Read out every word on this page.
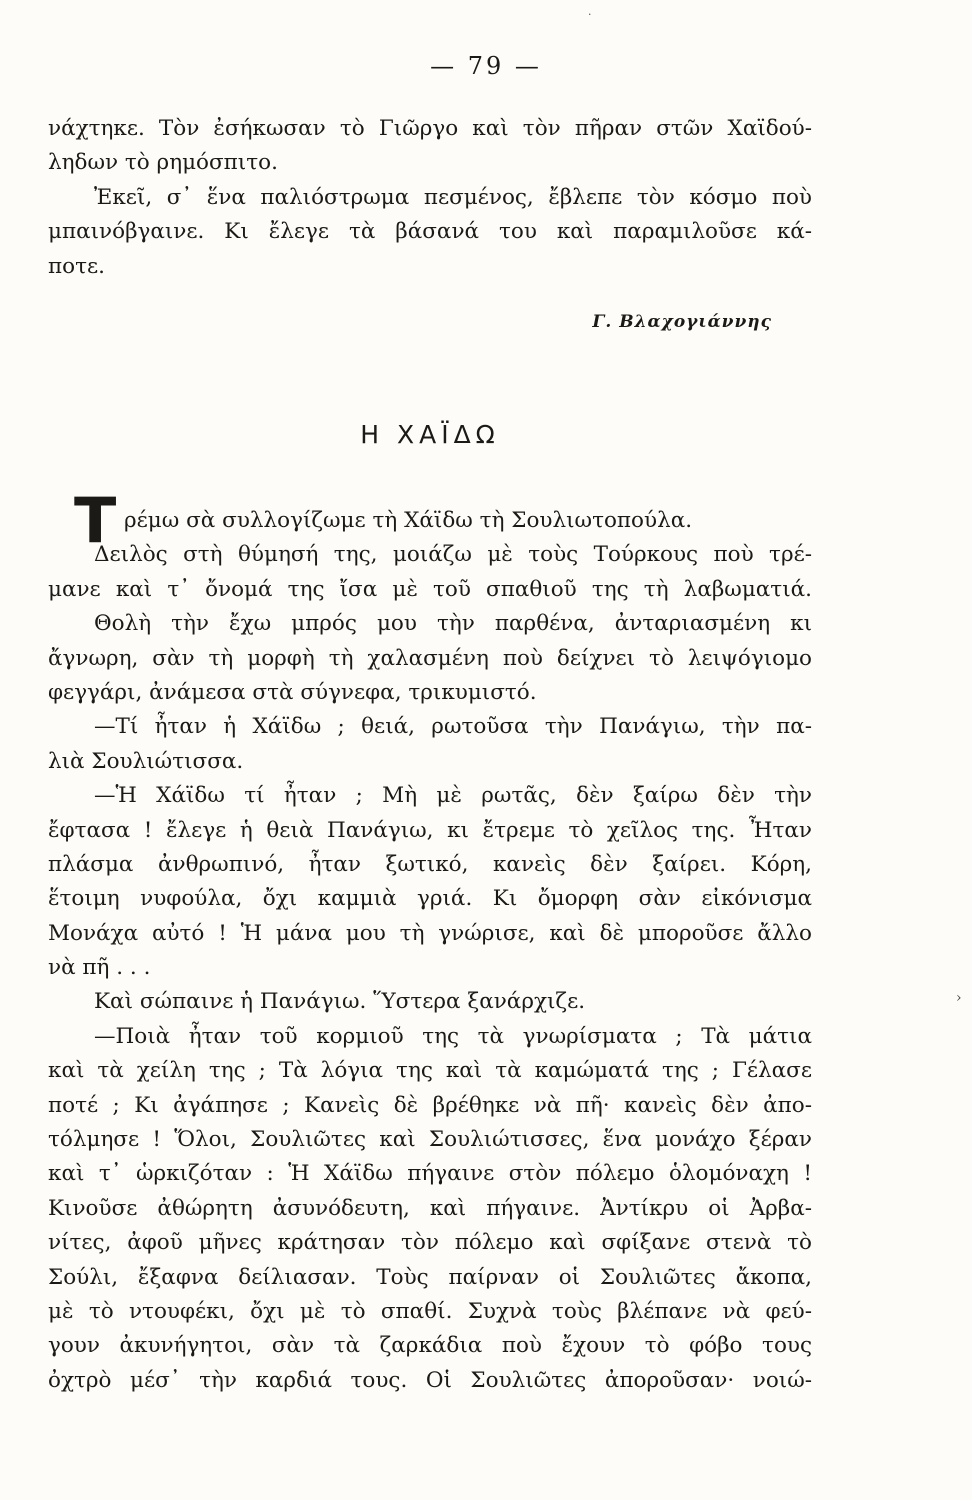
·
— 79 —
νάχτηκε. Τὸν ἐσήκωσαν τὸ Γιῶργο καὶ τὸν πῆραν στῶν Χαϊδού-
ληδων τὸ ρημόσπιτο.
Ἐκεῖ, σ᾽ ἕνα παλιόστρωμα πεσμένος, ἔβλεπε τὸν κόσμο ποὺ
μπαινόβγαινε. Κι ἔλεγε τὰ βάσανά του καὶ παραμιλοῦσε κά-
ποτε.
Γ. Βλαχογιάννης
Η ΧΑΪΔΩ
Τ ρέμω σὰ συλλογίζωμε τὴ Χάϊδω τὴ Σουλιωτοπούλα.
Δειλὸς στὴ θύμησή της, μοιάζω μὲ τοὺς Τούρκους ποὺ τρέ-
μανε καὶ τ᾽ ὄνομά της ἴσα μὲ τοῦ σπαθιοῦ της τὴ λαβωματιά.
Θολὴ τὴν ἔχω μπρός μου τὴν παρθένα, ἀνταριασμένη κι
ἄγνωρη, σὰν τὴ μορφὴ τὴ χαλασμένη ποὺ δείχνει τὸ λειψόγιομο
φεγγάρι, ἀνάμεσα στὰ σύγνεφα, τρικυμιστό.
—Τί ἦταν ἡ Χάϊδω ; θειά, ρωτοῦσα τὴν Πανάγιω, τὴν πα-
λιὰ Σουλιώτισσα.
—Ἡ Χάϊδω τί ἦταν ; Μὴ μὲ ρωτᾶς, δὲν ξαίρω δὲν τὴν
ἔφτασα ! ἔλεγε ἡ θειὰ Πανάγιω, κι ἔτρεμε τὸ χεῖλος της. Ἦταν
πλάσμα ἀνθρωπινό, ἦταν ξωτικό, κανεὶς δὲν ξαίρει. Κόρη,
ἕτοιμη νυφούλα, ὄχι καμμιὰ γριά. Κι ὄμορφη σὰν εἰκόνισμα
Μονάχα αὐτό ! Ἡ μάνα μου τὴ γνώρισε, καὶ δὲ μποροῦσε ἄλλο
νὰ πῆ . . .
Καὶ σώπαινε ἡ Πανάγιω. Ὕστερα ξανάρχιζε.
—Ποιὰ ἦταν τοῦ κορμιοῦ της τὰ γνωρίσματα ; Τὰ μάτια
καὶ τὰ χείλη της ; Τὰ λόγια της καὶ τὰ καμώματά της ; Γέλασε
ποτέ ; Κι ἀγάπησε ; Κανεὶς δὲ βρέθηκε νὰ πῆ· κανεὶς δὲν ἀπο-
τόλμησε ! Ὅλοι, Σουλιῶτες καὶ Σουλιώτισσες, ἕνα μονάχο ξέραν
καὶ τ᾽ ὡρκιζόταν : Ἡ Χάϊδω πήγαινε στὸν πόλεμο ὁλομόναχη !
Κινοῦσε ἀθώρητη ἀσυνόδευτη, καὶ πήγαινε. Ἀντίκρυ οἱ Ἀρβα-
νίτες, ἀφοῦ μῆνες κράτησαν τὸν πόλεμο καὶ σφίξανε στενὰ τὸ
Σούλι, ἔξαφνα δείλιασαν. Τοὺς παίρναν οἱ Σουλιῶτες ἄκοπα,
μὲ τὸ ντουφέκι, ὄχι μὲ τὸ σπαθί. Συχνὰ τοὺς βλέπανε νὰ φεύ-
γουν ἀκυνήγητοι, σὰν τὰ ζαρκάδια ποὺ ἔχουν τὸ φόβο τους
ὀχτρὸ μέσ᾽ τὴν καρδιά τους. Οἱ Σουλιῶτες ἀποροῦσαν· νοιώ-
›
